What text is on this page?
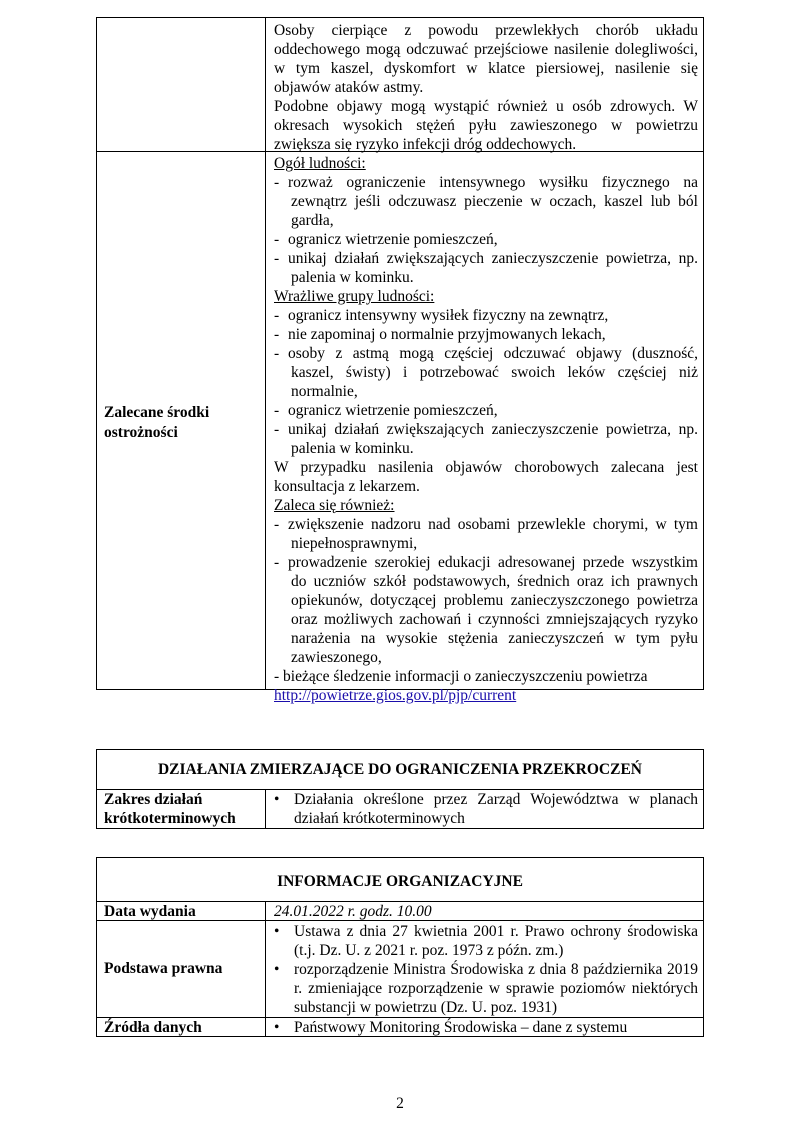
Osoby cierpiące z powodu przewlekłych chorób układu oddechowego mogą odczuwać przejściowe nasilenie dolegliwości, w tym kaszel, dyskomfort w klatce piersiowej, nasilenie się objawów ataków astmy.

Podobne objawy mogą wystąpić również u osób zdrowych. W okresach wysokich stężeń pyłu zawieszonego w powietrzu zwiększa się ryzyko infekcji dróg oddechowych.

Zalecane środki ostrożności

Ogół ludności:

- rozważ ograniczenie intensywnego wysiłku fizycznego na zewnątrz jeśli odczuwasz pieczenie w oczach, kaszel lub ból gardła,

- ogranicz wietrzenie pomieszczeń,

- unikaj działań zwiększających zanieczyszczenie powietrza, np. palenia w kominku.

Wrażliwe grupy ludności:

- ogranicz intensywny wysiłek fizyczny na zewnątrz,

- nie zapominaj o normalnie przyjmowanych lekach,

- osoby z astmą mogą częściej odczuwać objawy (duszność, kaszel, świsty) i potrzebować swoich leków częściej niż normalnie,

- ogranicz wietrzenie pomieszczeń,

- unikaj działań zwiększających zanieczyszczenie powietrza, np. palenia w kominku.

W przypadku nasilenia objawów chorobowych zalecana jest konsultacja z lekarzem.

Zaleca się również:

- zwiększenie nadzoru nad osobami przewlekle chorymi, w tym niepełnosprawnymi,

- prowadzenie szerokiej edukacji adresowanej przede wszystkim do uczniów szkół podstawowych, średnich oraz ich prawnych opiekunów, dotyczącej problemu zanieczyszczonego powietrza oraz możliwych zachowań i czynności zmniejszających ryzyko narażenia na wysokie stężenia zanieczyszczeń w tym pyłu zawieszonego,

- bieżące śledzenie informacji o zanieczyszczeniu powietrza

http://powietrze.gios.gov.pl/pjp/current

DZIAŁANIA ZMIERZAJĄCE DO OGRANICZENIA PRZEKROCZEŃ
Zakres działań krótkoterminowych

• Działania określone przez Zarząd Województwa w planach działań krótkoterminowych

INFORMACJE ORGANIZACYJNE
Data wydania	24.01.2022 r. godz. 10.00
Podstawa prawna

• Ustawa z dnia 27 kwietnia 2001 r. Prawo ochrony środowiska (t.j. Dz. U. z 2021 r. poz. 1973 z późn. zm.)

• rozporządzenie Ministra Środowiska z dnia 8 października 2019 r. zmieniające rozporządzenie w sprawie poziomów niektórych substancji w powietrzu (Dz. U. poz. 1931)

Źródła danych	• Państwowy Monitoring Środowiska – dane z systemu

2
